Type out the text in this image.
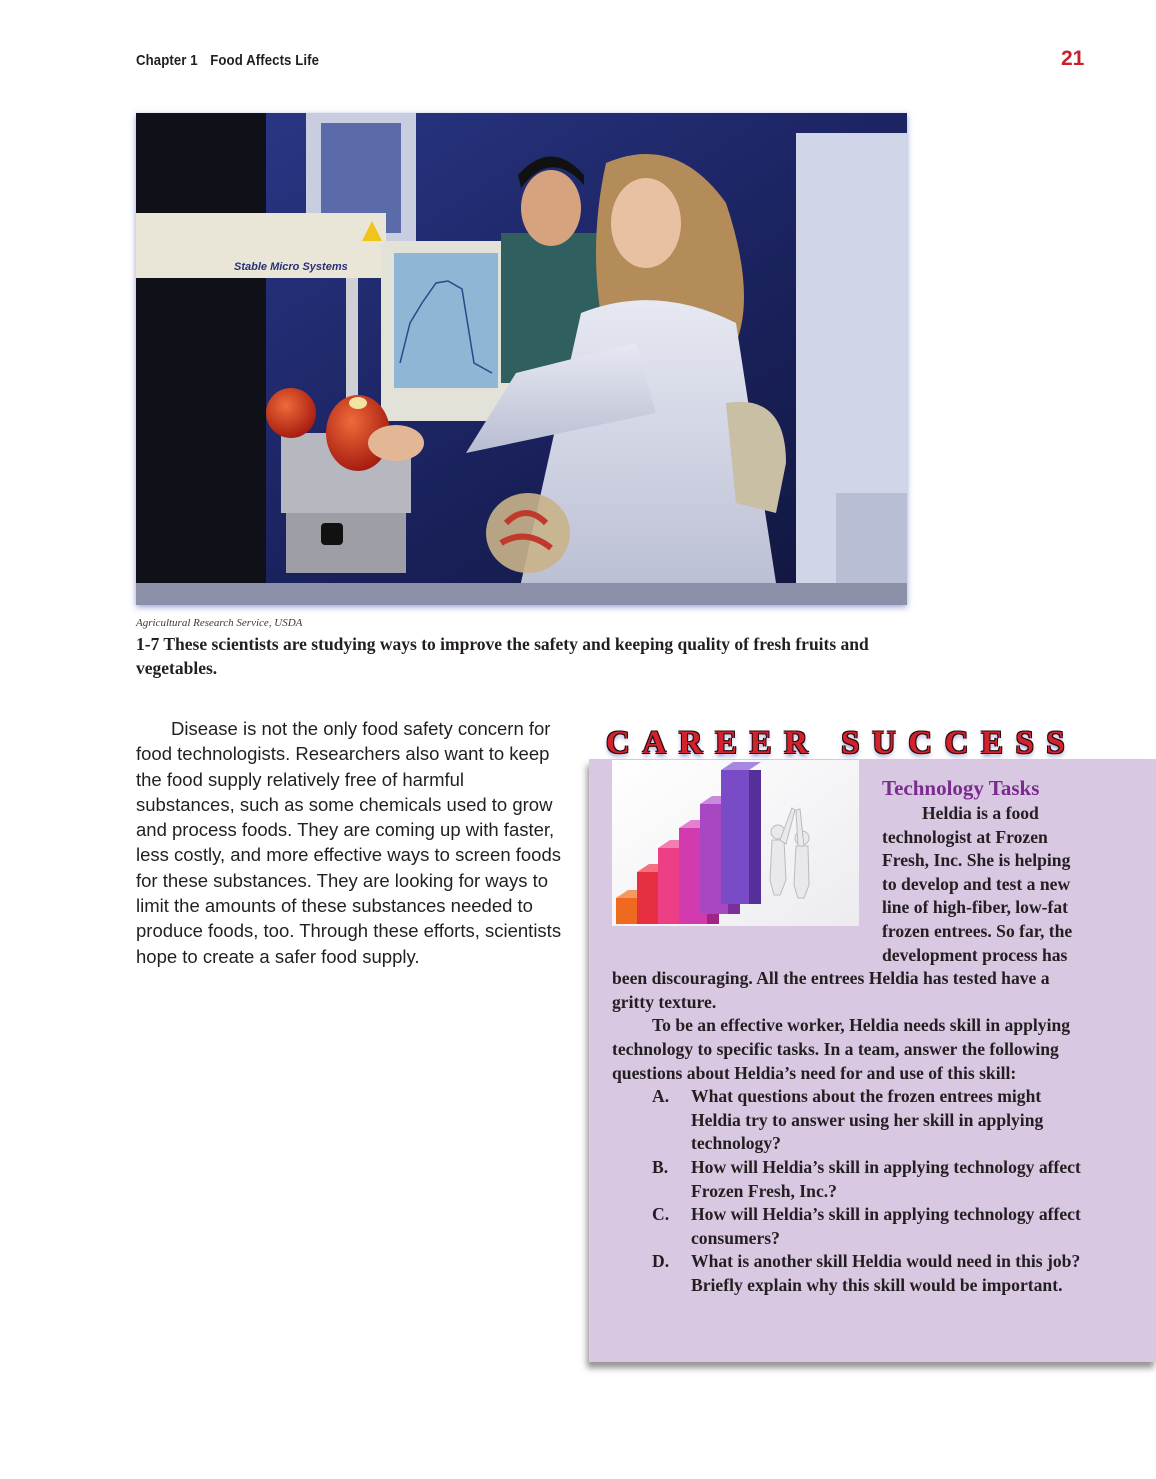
Chapter 1 Food Affects Life	21
Stable Micro Systems
Agricultural Research Service, USDA
1-7 These scientists are studying ways to improve the safety and keeping quality of fresh fruits and vegetables.

Disease is not the only food safety concern for food technologists. Researchers also want to keep the food supply relatively free of harmful substances, such as some chemicals used to grow and process foods. They are coming up with faster, less costly, and more effective ways to screen foods for these substances. They are looking for ways to limit the amounts of these substances needed to produce foods, too. Through these efforts, scientists hope to create a safer food supply.

CAREER SUCCESS
Technology Tasks
Heldia is a food technologist at Frozen Fresh, Inc. She is helping to develop and test a new line of high-fiber, low-fat frozen entrees. So far, the development process has been discouraging. All the entrees Heldia has tested have a gritty texture.
To be an effective worker, Heldia needs skill in applying technology to specific tasks. In a team, answer the following questions about Heldia’s need for and use of this skill:
A.	What questions about the frozen entrees might Heldia try to answer using her skill in applying technology?
B.	How will Heldia’s skill in applying technology affect Frozen Fresh, Inc.?
C.	How will Heldia’s skill in applying technology affect consumers?
D.	What is another skill Heldia would need in this job? Briefly explain why this skill would be important.
